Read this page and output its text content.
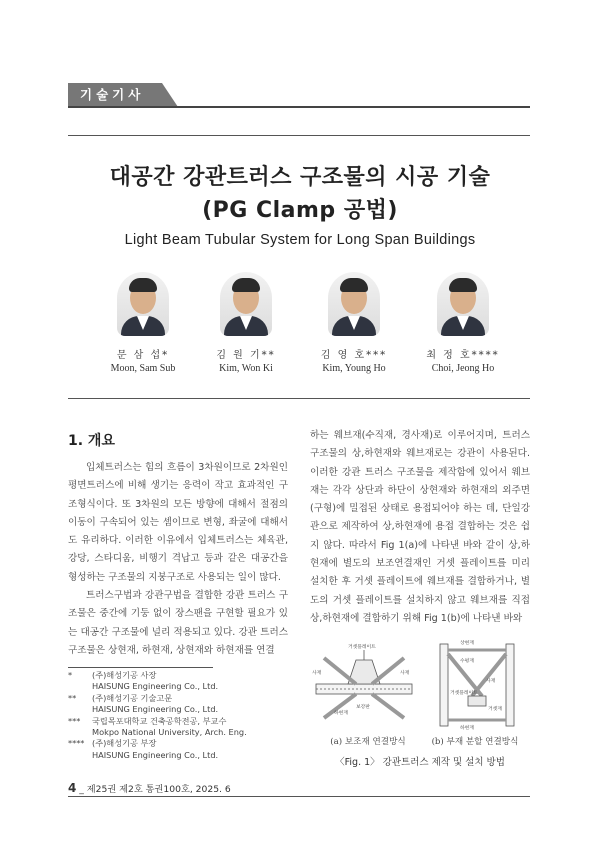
기술기사
대공간 강관트러스 구조물의 시공 기술
(PG Clamp 공법)
Light Beam Tubular System for Long Span Buildings
문 삼 섭*
Moon, Sam Sub
김 원 기**
Kim, Won Ki
김 영 호***
Kim, Young Ho
최 정 호****
Choi, Jeong Ho
1. 개요

입체트러스는 힘의 흐름이 3차원이므로 2차원인 평면트러스에 비해 생기는 응력이 작고 효과적인 구조형식이다. 또 3차원의 모든 방향에 대해서 절점의 이동이 구속되어 있는 셈이므로 변형, 좌굴에 대해서도 유리하다. 이러한 이유에서 입체트러스는 체육관, 강당, 스타디움, 비행기 격납고 등과 같은 대공간을 형성하는 구조물의 지붕구조로 사용되는 일이 많다.

트러스구법과 강관구법을 결합한 강관 트러스 구조물은 중간에 기둥 없이 장스팬을 구현할 필요가 있는 대공간 구조물에 널리 적용되고 있다. 강관 트러스 구조물은 상현재, 하현재, 상현재와 하현재를 연결

*	(주)해성기공 사장
HAISUNG Engineering Co., Ltd.
**	(주)해성기공 기술고문
HAISUNG Engineering Co., Ltd.
***	국립목포대학교 건축공학전공, 부교수
Mokpo National University, Arch. Eng.
**** (주)해성기공 부장
HAISUNG Engineering Co., Ltd.

하는 웨브재(수직재, 경사재)로 이루어지며, 트러스 구조물의 상,하현재와 웨브재로는 강관이 사용된다. 이러한 강관 트러스 구조물을 제작함에 있어서 웨브재는 각각 상단과 하단이 상현재와 하현재의 외주면(구형)에 밀접된 상태로 용접되어야 하는 데, 단일강관으로 제작하여 상,하현재에 용접 결합하는 것은 쉽지 않다. 따라서 Fig 1(a)에 나타낸 바와 같이 상,하현재에 별도의 보조연결재인 거셋 플레이트를 미리 설치한 후 거셋 플레이트에 웨브재를 결합하거나, 별도의 거셋 플레이트를 설치하지 않고 웨브재를 직접 상,하현재에 결합하기 위해 Fig 1(b)에 나타낸 바와

거셋플레이트
사재	사재
보강판
하현재
상현재
수평재
사재
거셋플레이트
하현재
거셋재
(a) 보조재 연결방식	(b) 부재 분할 연결방식
〈Fig. 1〉 강관트러스 제작 및 설치 방법
4 _ 제25권 제2호 통권100호, 2025. 6
